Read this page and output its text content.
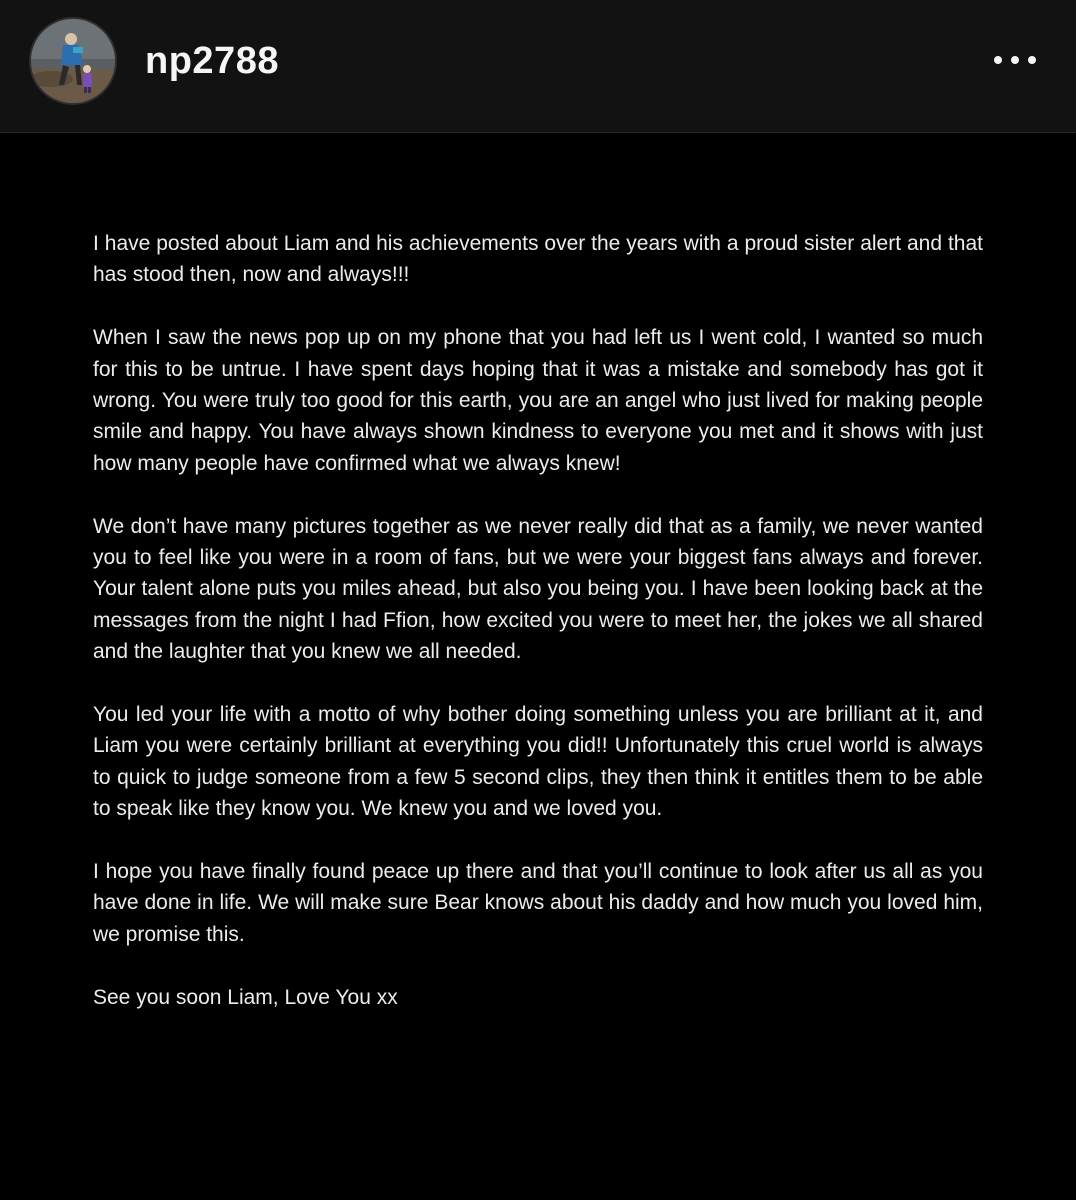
np2788

I have posted about Liam and his achievements over the years with a proud sister alert and that has stood then, now and always!!!

When I saw the news pop up on my phone that you had left us I went cold, I wanted so much for this to be untrue. I have spent days hoping that it was a mistake and somebody has got it wrong. You were truly too good for this earth, you are an angel who just lived for making people smile and happy. You have always shown kindness to everyone you met and it shows with just how many people have confirmed what we always knew!

We don’t have many pictures together as we never really did that as a family, we never wanted you to feel like you were in a room of fans, but we were your biggest fans always and forever. Your talent alone puts you miles ahead, but also you being you. I have been looking back at the messages from the night I had Ffion, how excited you were to meet her, the jokes we all shared and the laughter that you knew we all needed.

You led your life with a motto of why bother doing something unless you are brilliant at it, and Liam you were certainly brilliant at everything you did!! Unfortunately this cruel world is always to quick to judge someone from a few 5 second clips, they then think it entitles them to be able to speak like they know you. We knew you and we loved you.

I hope you have finally found peace up there and that you’ll continue to look after us all as you have done in life. We will make sure Bear knows about his daddy and how much you loved him, we promise this.

See you soon Liam, Love You xx
